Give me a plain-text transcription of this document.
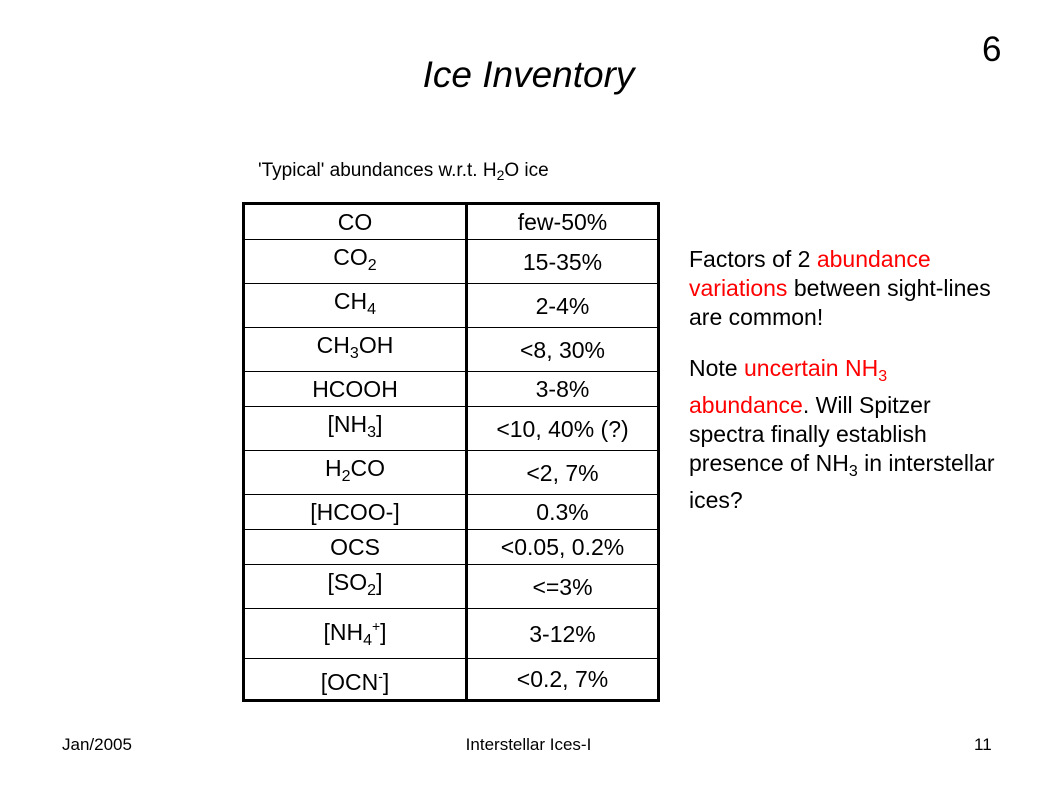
6
Ice Inventory
'Typical' abundances w.r.t. $H_2O$ ice
CO	few-50%
$CO_2$	15-35%
$CH_4$	2-4%
$CH_3OH$	<8, 30%
HCOOH	3-8%
$[NH_3]$	<10, 40% (?)
$H_2CO$	<2, 7%
[HCOO-]	0.3%
OCS	<0.05, 0.2%
$[SO_2]$	<=3%
$[NH_4^+]$	3-12%
[OCN-]	<0.2, 7%

Factors of 2 abundance variations between sight-lines are common!

Note uncertain $NH_3$ abundance. Will Spitzer spectra finally establish presence of $NH_3$ in interstellar ices?

Jan/2005	Interstellar Ices-I	11
